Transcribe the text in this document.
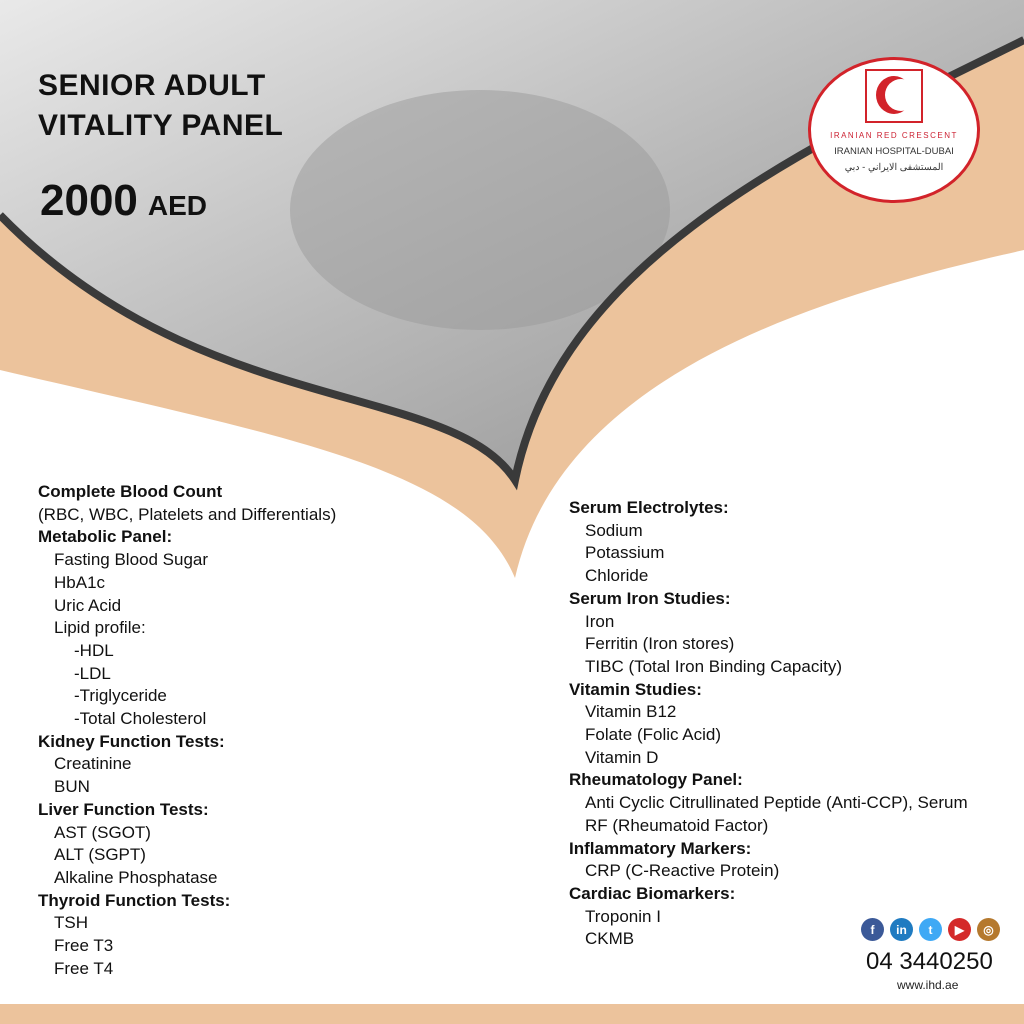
SENIOR ADULT
VITALITY PANEL
2000 AED
IRANIAN RED CRESCENT
IRANIAN HOSPITAL-DUBAI
المستشفى الايراني - دبي
Complete Blood Count
(RBC, WBC, Platelets and Differentials)
Metabolic Panel:
Fasting Blood Sugar
HbA1c
Uric Acid
Lipid profile:
-HDL
-LDL
-Triglyceride
-Total Cholesterol
Kidney Function Tests:
Creatinine
BUN
Liver Function Tests:
AST (SGOT)
ALT (SGPT)
Alkaline Phosphatase
Thyroid Function Tests:
TSH
Free T3
Free T4
Serum Electrolytes:
Sodium
Potassium
Chloride
Serum Iron Studies:
Iron
Ferritin (Iron stores)
TIBC (Total Iron Binding Capacity)
Vitamin Studies:
Vitamin B12
Folate (Folic Acid)
Vitamin D
Rheumatology Panel:
Anti Cyclic Citrullinated Peptide (Anti-CCP), Serum
RF (Rheumatoid Factor)
Inflammatory Markers:
CRP (C-Reactive Protein)
Cardiac Biomarkers:
Troponin I
CKMB	f	in	t	▶	◎
04 3440250
www.ihd.ae
